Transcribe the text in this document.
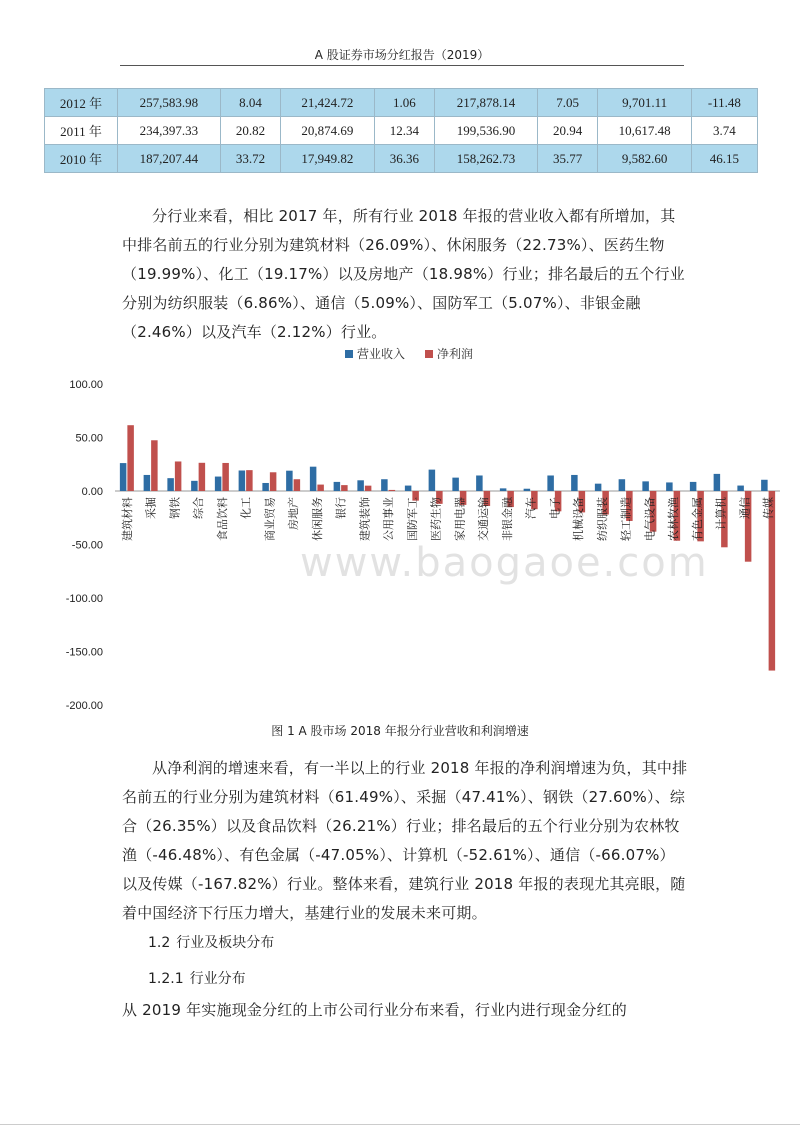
A 股证券市场分红报告（2019）
2012 年	257,583.98	8.04	21,424.72	1.06	217,878.14	7.05	9,701.11	-11.48
2011 年	234,397.33	20.82	20,874.69	12.34	199,536.90	20.94	10,617.48	3.74
2010 年	187,207.44	33.72	17,949.82	36.36	158,262.73	35.77	9,582.60	46.15
分行业来看，相比 2017 年，所有行业 2018 年报的营业收入都有所增加，其中排名前五的行业分别为建筑材料（26.09%）、休闲服务（22.73%）、医药生物（19.99%）、化工（19.17%）以及房地产（18.98%）行业；排名最后的五个行业分别为纺织服装（6.86%）、通信（5.09%）、国防军工（5.07%）、非银金融（2.46%）以及汽车（2.12%）行业。
营业收入	净利润
100.00
50.00
0.00
-50.00
-100.00
-150.00
-200.00
建筑材料 采掘 钢铁 综合 食品饮料 化工 商业贸易 房地产 休闲服务 银行 建筑装饰 公用事业 国防军工 医药生物 家用电器 交通运输 非银金融 汽车 电子 机械设备 纺织服装 轻工制造 电气设备 农林牧渔 有色金属 计算机 通信 传媒
www.baogaoe.com
图 1 A 股市场 2018 年报分行业营收和利润增速
从净利润的增速来看，有一半以上的行业 2018 年报的净利润增速为负，其中排名前五的行业分别为建筑材料（61.49%）、采掘（47.41%）、钢铁（27.60%）、综合（26.35%）以及食品饮料（26.21%）行业；排名最后的五个行业分别为农林牧渔（-46.48%）、有色金属（-47.05%）、计算机（-52.61%）、通信（-66.07%）以及传媒（-167.82%）行业。整体来看，建筑行业 2018 年报的表现尤其亮眼，随着中国经济下行压力增大，基建行业的发展未来可期。
1.2 行业及板块分布
1.2.1 行业分布
从 2019 年实施现金分红的上市公司行业分布来看，行业内进行现金分红的
